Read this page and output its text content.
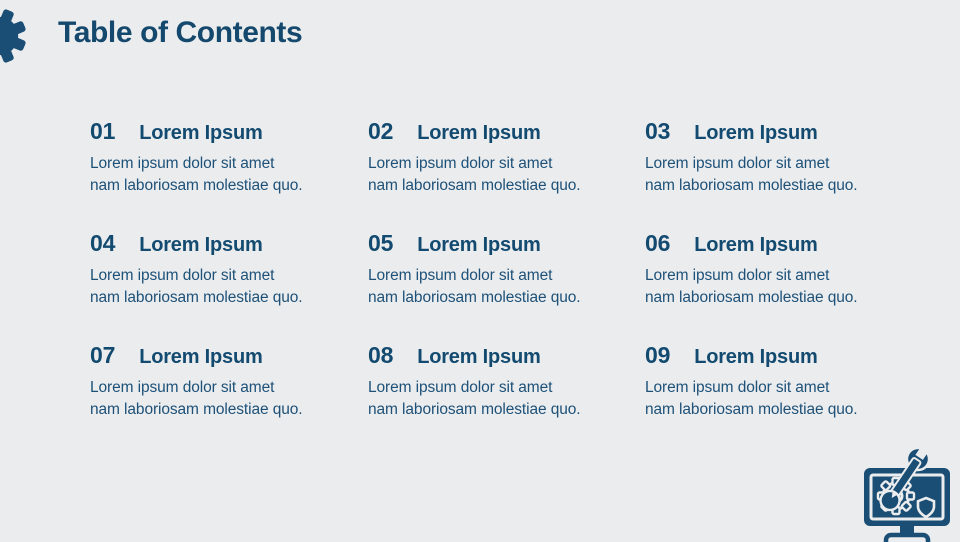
Table of Contents
01 Lorem Ipsum
Lorem ipsum dolor sit amet
nam laboriosam molestiae quo.
02 Lorem Ipsum
Lorem ipsum dolor sit amet
nam laboriosam molestiae quo.
03 Lorem Ipsum
Lorem ipsum dolor sit amet
nam laboriosam molestiae quo.
04 Lorem Ipsum
Lorem ipsum dolor sit amet
nam laboriosam molestiae quo.
05 Lorem Ipsum
Lorem ipsum dolor sit amet
nam laboriosam molestiae quo.
06 Lorem Ipsum
Lorem ipsum dolor sit amet
nam laboriosam molestiae quo.
07 Lorem Ipsum
Lorem ipsum dolor sit amet
nam laboriosam molestiae quo.
08 Lorem Ipsum
Lorem ipsum dolor sit amet
nam laboriosam molestiae quo.
09 Lorem Ipsum
Lorem ipsum dolor sit amet
nam laboriosam molestiae quo.
